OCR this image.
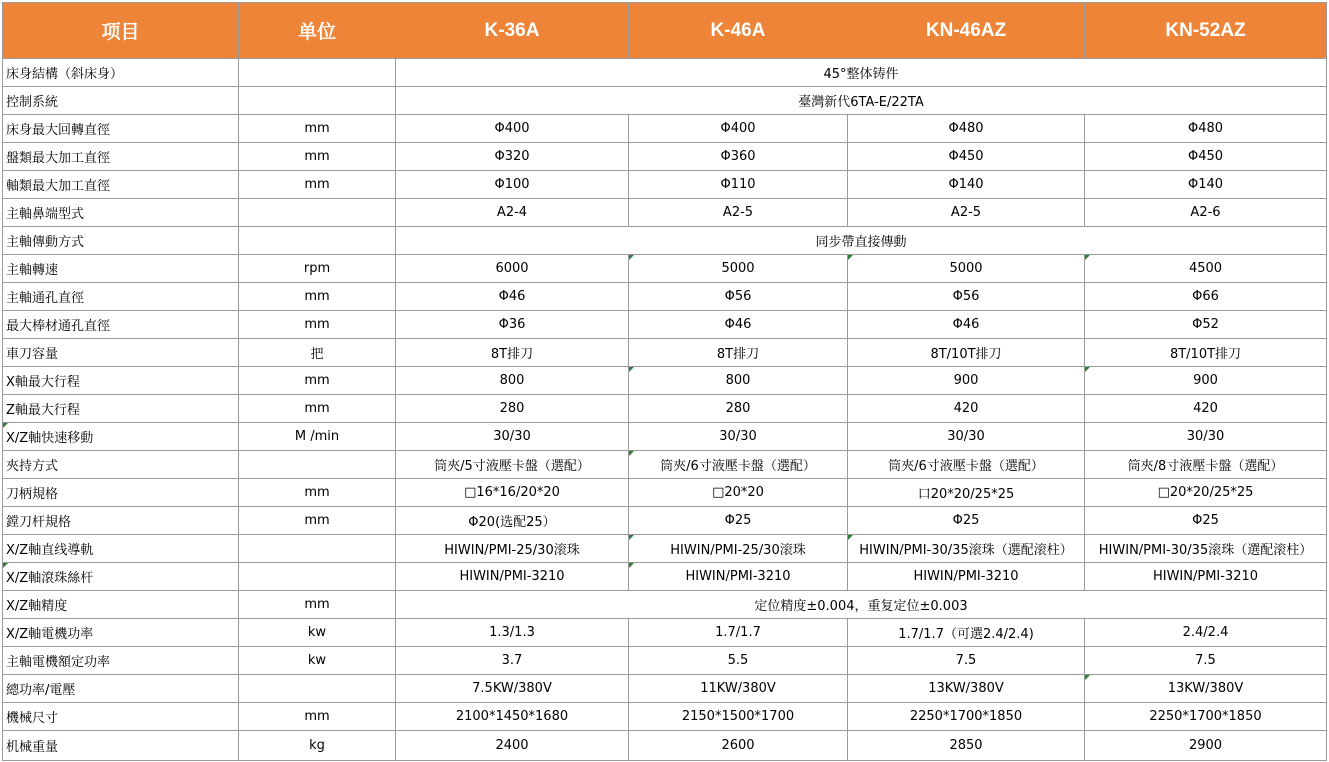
项目	单位	K-36A	K-46A	KN-46AZ	KN-52AZ
床身結構（斜床身）		45°整体铸件			
控制系統		臺灣新代6TA-E/22TA			
床身最大回轉直徑	mm	Φ400	Φ400	Φ480	Φ480
盤類最大加工直徑	mm	Φ320	Φ360	Φ450	Φ450
軸類最大加工直徑	mm	Φ100	Φ110	Φ140	Φ140
主軸鼻端型式		A2-4	A2-5	A2-5	A2-6
主軸傳動方式		同步帶直接傳動			
主軸轉速	rpm	6000	5000	5000	4500
主軸通孔直徑	mm	Φ46	Φ56	Φ56	Φ66
最大棒材通孔直徑	mm	Φ36	Φ46	Φ46	Φ52
車刀容量	把	8T排刀	8T排刀	8T/10T排刀	8T/10T排刀
X軸最大行程	mm	800	800	900	900
Z軸最大行程	mm	280	280	420	420
X/Z軸快速移動	M /min	30/30	30/30	30/30	30/30
夾持方式		筒夾/5寸液壓卡盤（選配）	筒夾/6寸液壓卡盤（選配）	筒夾/6寸液壓卡盤（選配）	筒夾/8寸液壓卡盤（選配）
刀柄規格	mm	□16*16/20*20	□20*20	口20*20/25*25	□20*20/25*25
鏜刀杆規格	mm	Φ20(选配25）	Φ25	Φ25	Φ25
X/Z軸直线導軌		HIWIN/PMI-25/30滚珠	HIWIN/PMI-25/30滚珠	HIWIN/PMI-30/35滚珠（選配滚柱）	HIWIN/PMI-30/35滚珠（選配滚柱）
X/Z軸滾珠絲杆		HIWIN/PMI-3210	HIWIN/PMI-3210	HIWIN/PMI-3210	HIWIN/PMI-3210
X/Z軸精度	mm	定位精度±0.004，重复定位±0.003			
X/Z軸電機功率	kw	1.3/1.3	1.7/1.7	1.7/1.7（可選2.4/2.4)	2.4/2.4
主軸電機額定功率	kw	3.7	5.5	7.5	7.5
總功率/電壓		7.5KW/380V	11KW/380V	13KW/380V	13KW/380V
機械尺寸	mm	2100*1450*1680	2150*1500*1700	2250*1700*1850	2250*1700*1850
机械重量	kg	2400	2600	2850	2900
